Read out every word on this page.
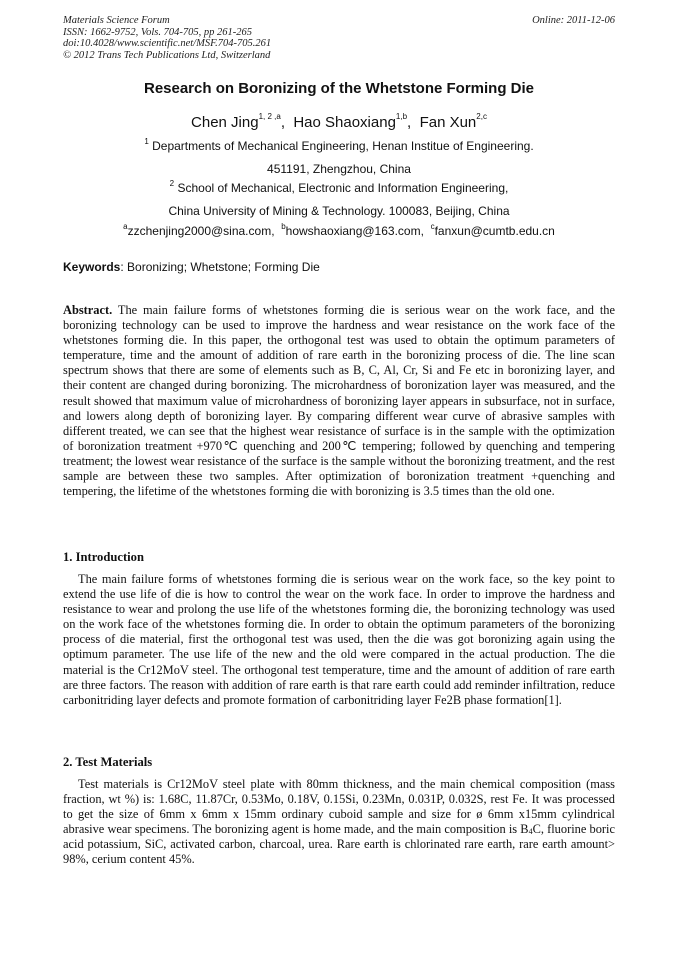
Materials Science Forum
ISSN: 1662-9752, Vols. 704-705, pp 261-265
doi:10.4028/www.scientific.net/MSF.704-705.261
© 2012 Trans Tech Publications Ltd, Switzerland
Online: 2011-12-06
Research on Boronizing of the Whetstone Forming Die
Chen Jing$^{1, 2 ,a}$,  Hao Shaoxiang$^{1,b}$,  Fan Xun$^{2,c}$
$^1$ Departments of Mechanical Engineering, Henan Institue of Engineering.
451191, Zhengzhou, China
$^2$ School of Mechanical, Electronic and Information Engineering,
China University of Mining & Technology. 100083, Beijing, China
$^a$zzchenjing2000@sina.com, $^b$howshaoxiang@163.com, $^c$fanxun@cumtb.edu.cn
Keywords: Boronizing; Whetstone; Forming Die

Abstract. The main failure forms of whetstones forming die is serious wear on the work face, and the boronizing technology can be used to improve the hardness and wear resistance on the work face of the whetstones forming die. In this paper, the orthogonal test was used to obtain the optimum parameters of temperature, time and the amount of addition of rare earth in the boronizing process of die. The line scan spectrum shows that there are some of elements such as B, C, Al, Cr, Si and Fe etc in boronizing layer, and their content are changed during boronizing. The microhardness of boronization layer was measured, and the result showed that maximum value of microhardness of boronizing layer appears in subsurface, not in surface, and lowers along depth of boronizing layer. By comparing different wear curve of abrasive samples with different treated, we can see that the highest wear resistance of surface is in the sample with the optimization of boronization treatment +970℃ quenching and 200℃ tempering; followed by quenching and tempering treatment; the lowest wear resistance of the surface is the sample without the boronizing treatment, and the rest sample are between these two samples. After optimization of boronization treatment +quenching and tempering, the lifetime of the whetstones forming die with boronizing is 3.5 times than the old one.

1. Introduction

The main failure forms of whetstones forming die is serious wear on the work face, so the key point to extend the use life of die is how to control the wear on the work face. In order to improve the hardness and resistance to wear and prolong the use life of the whetstones forming die, the boronizing technology was used on the work face of the whetstones forming die. In order to obtain the optimum parameters of the boronizing process of die material, first the orthogonal test was used, then the die was got boronizing again using the optimum parameter. The use life of the new and the old were compared in the actual production. The die material is the Cr12MoV steel. The orthogonal test temperature, time and the amount of addition of rare earth are three factors. The reason with addition of rare earth is that rare earth could add reminder infiltration, reduce carbonitriding layer defects and promote formation of carbonitriding layer Fe2B phase formation[1].

2. Test Materials

Test materials is Cr12MoV steel plate with 80mm thickness, and the main chemical composition (mass fraction, wt %) is: 1.68C, 11.87Cr, 0.53Mo, 0.18V, 0.15Si, 0.23Mn, 0.031P, 0.032S, rest Fe. It was processed to get the size of 6mm x 6mm x 15mm ordinary cuboid sample and size for ø 6mm x15mm cylindrical abrasive wear specimens. The boronizing agent is home made, and the main composition is $B_4C$, fluorine boric acid potassium, SiC, activated carbon, charcoal, urea. Rare earth is chlorinated rare earth, rare earth amount> 98%, cerium content 45%.
